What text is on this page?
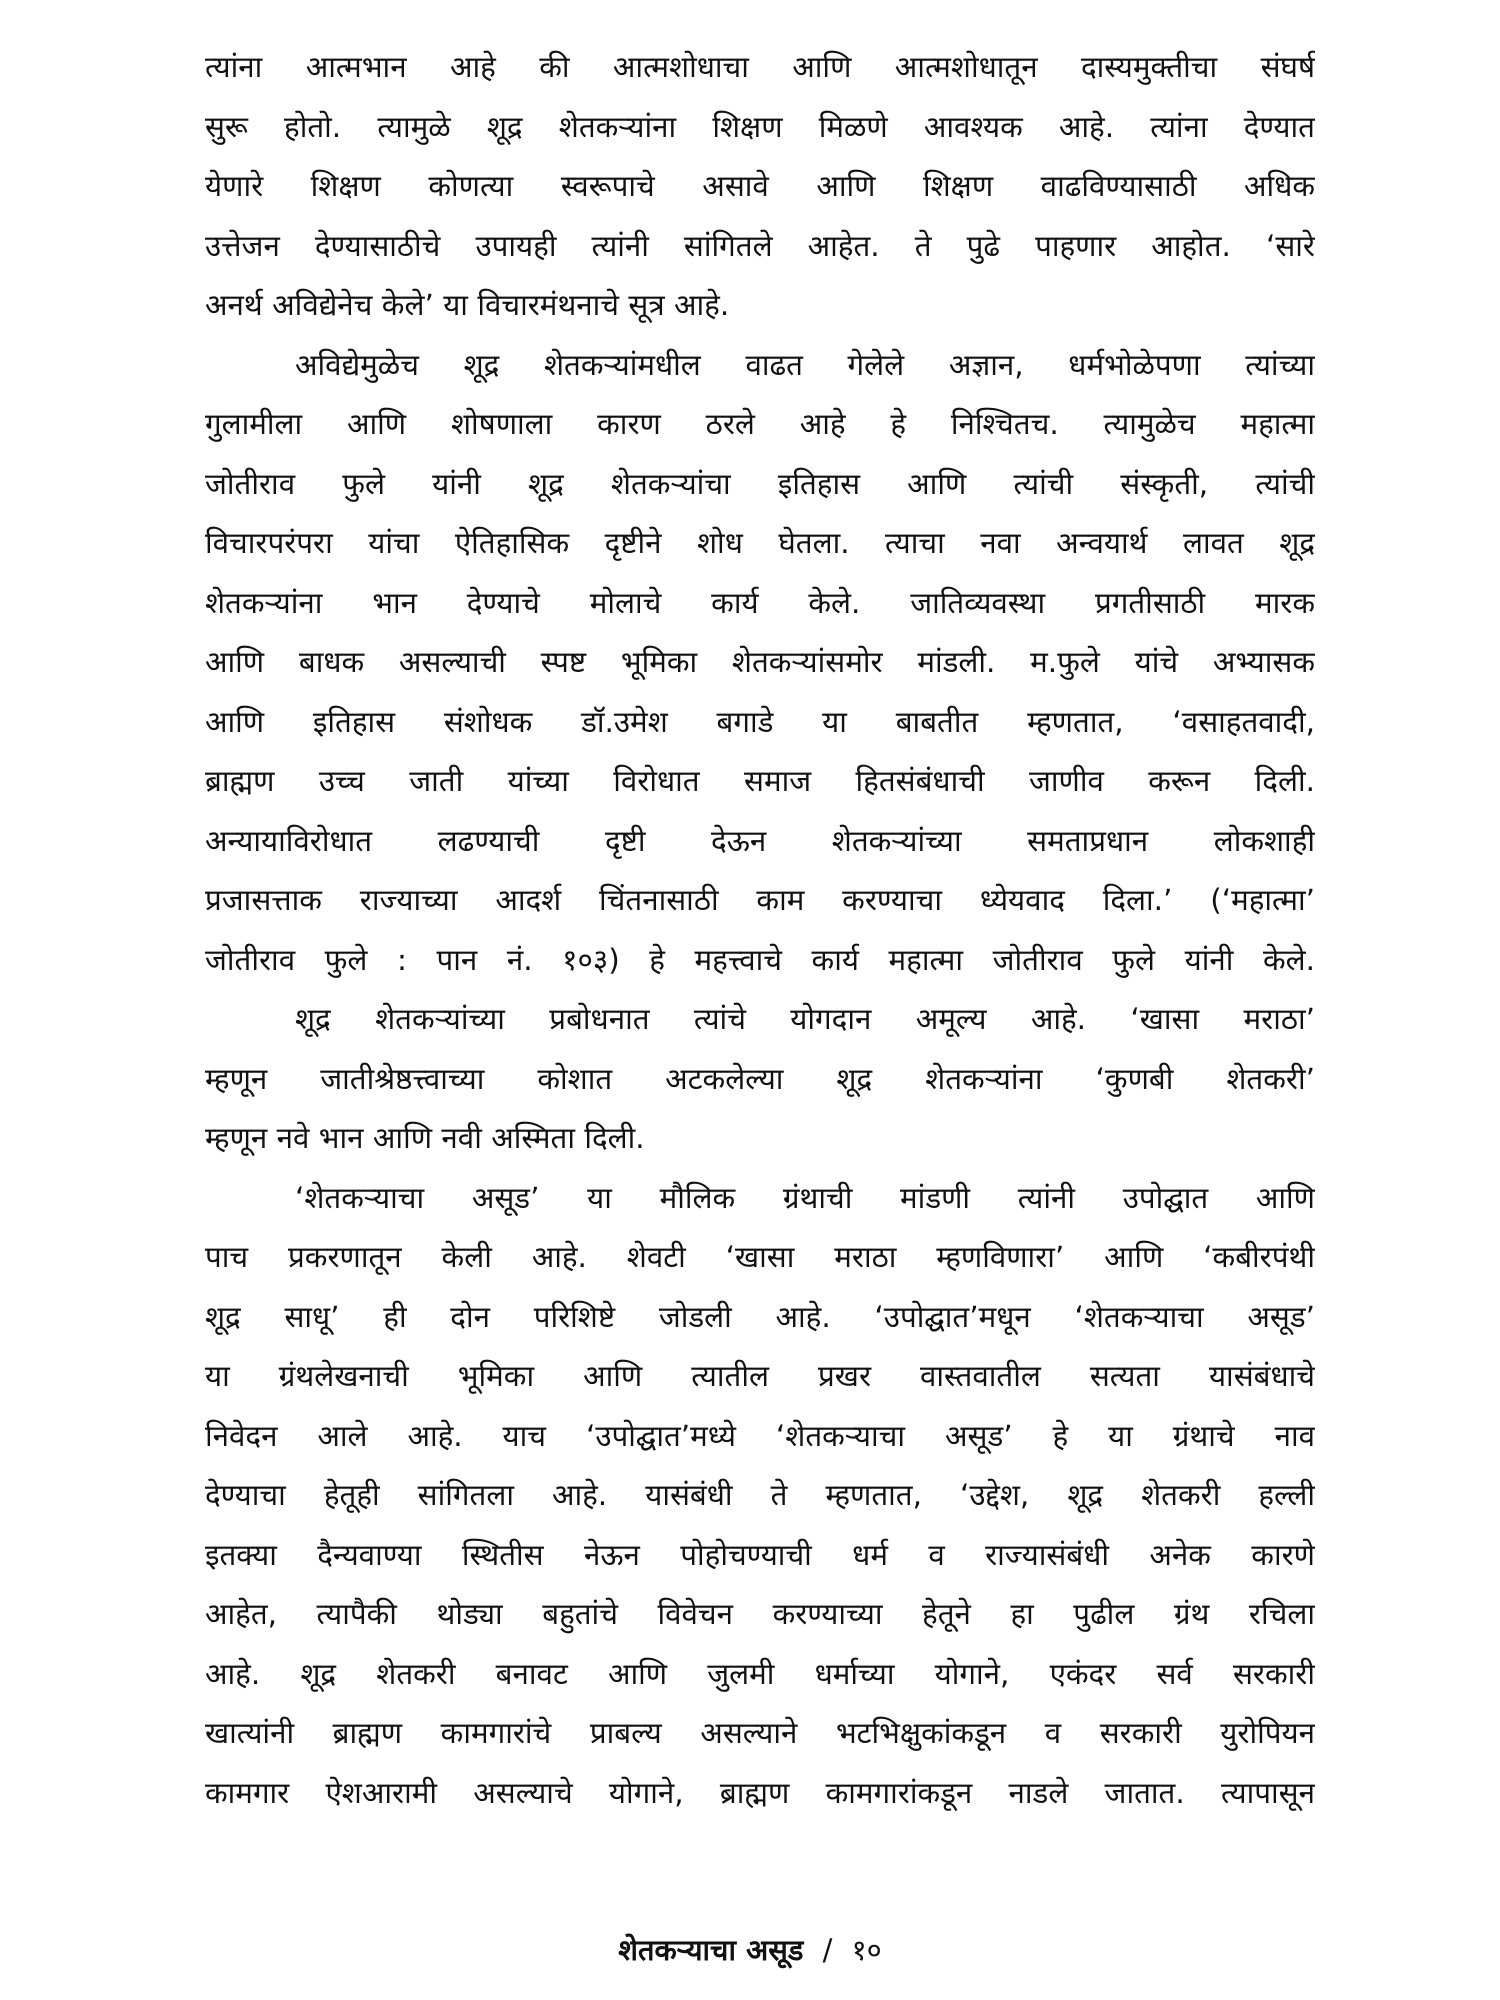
त्यांना आत्मभान आहे की आत्मशोधाचा आणि आत्मशोधातून दास्यमुक्तीचा संघर्ष
सुरू होतो. त्यामुळे शूद्र शेतकऱ्यांना शिक्षण मिळणे आवश्यक आहे. त्यांना देण्यात
येणारे शिक्षण कोणत्या स्वरूपाचे असावे आणि शिक्षण वाढविण्यासाठी अधिक
उत्तेजन देण्यासाठीचे उपायही त्यांनी सांगितले आहेत. ते पुढे पाहणार आहोत. ‘सारे
अनर्थ अविद्येनेच केले’ या विचारमंथनाचे सूत्र आहे.
अविद्येमुळेच शूद्र शेतकऱ्यांमधील वाढत गेलेले अज्ञान, धर्मभोळेपणा त्यांच्या
गुलामीला आणि शोषणाला कारण ठरले आहे हे निश्चितच. त्यामुळेच महात्मा
जोतीराव फुले यांनी शूद्र शेतकऱ्यांचा इतिहास आणि त्यांची संस्कृती, त्यांची
विचारपरंपरा यांचा ऐतिहासिक दृष्टीने शोध घेतला. त्याचा नवा अन्वयार्थ लावत शूद्र
शेतकऱ्यांना भान देण्याचे मोलाचे कार्य केले. जातिव्यवस्था प्रगतीसाठी मारक
आणि बाधक असल्याची स्पष्ट भूमिका शेतकऱ्यांसमोर मांडली. म.फुले यांचे अभ्यासक
आणि इतिहास संशोधक डॉ.उमेश बगाडे या बाबतीत म्हणतात, ‘वसाहतवादी,
ब्राह्मण उच्च जाती यांच्या विरोधात समाज हितसंबंधाची जाणीव करून दिली.
अन्यायाविरोधात लढण्याची दृष्टी देऊन शेतकऱ्यांच्या समताप्रधान लोकशाही
प्रजासत्ताक राज्याच्या आदर्श चिंतनासाठी काम करण्याचा ध्येयवाद दिला.’ (‘महात्मा’
जोतीराव फुले : पान नं. १०३) हे महत्त्वाचे कार्य महात्मा जोतीराव फुले यांनी केले.
शूद्र शेतकऱ्यांच्या प्रबोधनात त्यांचे योगदान अमूल्य आहे. ‘खासा मराठा’
म्हणून जातीश्रेष्ठत्त्वाच्या कोशात अटकलेल्या शूद्र शेतकऱ्यांना ‘कुणबी शेतकरी’
म्हणून नवे भान आणि नवी अस्मिता दिली.
‘शेतकऱ्याचा असूड’ या मौलिक ग्रंथाची मांडणी त्यांनी उपोद्घात आणि
पाच प्रकरणातून केली आहे. शेवटी ‘खासा मराठा म्हणविणारा’ आणि ‘कबीरपंथी
शूद्र साधू’ ही दोन परिशिष्टे जोडली आहे. ‘उपोद्घात’मधून ‘शेतकऱ्याचा असूड’
या ग्रंथलेखनाची भूमिका आणि त्यातील प्रखर वास्तवातील सत्यता यासंबंधाचे
निवेदन आले आहे. याच ‘उपोद्घात’मध्ये ‘शेतकऱ्याचा असूड’ हे या ग्रंथाचे नाव
देण्याचा हेतूही सांगितला आहे. यासंबंधी ते म्हणतात, ‘उद्देश, शूद्र शेतकरी हल्ली
इतक्या दैन्यवाण्या स्थितीस नेऊन पोहोचण्याची धर्म व राज्यासंबंधी अनेक कारणे
आहेत, त्यापैकी थोड्या बहुतांचे विवेचन करण्याच्या हेतूने हा पुढील ग्रंथ रचिला
आहे. शूद्र शेतकरी बनावट आणि जुलमी धर्माच्या योगाने, एकंदर सर्व सरकारी
खात्यांनी ब्राह्मण कामगारांचे प्राबल्य असल्याने भटभिक्षुकांकडून व सरकारी युरोपियन
कामगार ऐशआरामी असल्याचे योगाने, ब्राह्मण कामगारांकडून नाडले जातात. त्यापासून
शेतकऱ्याचा असूड / १०
